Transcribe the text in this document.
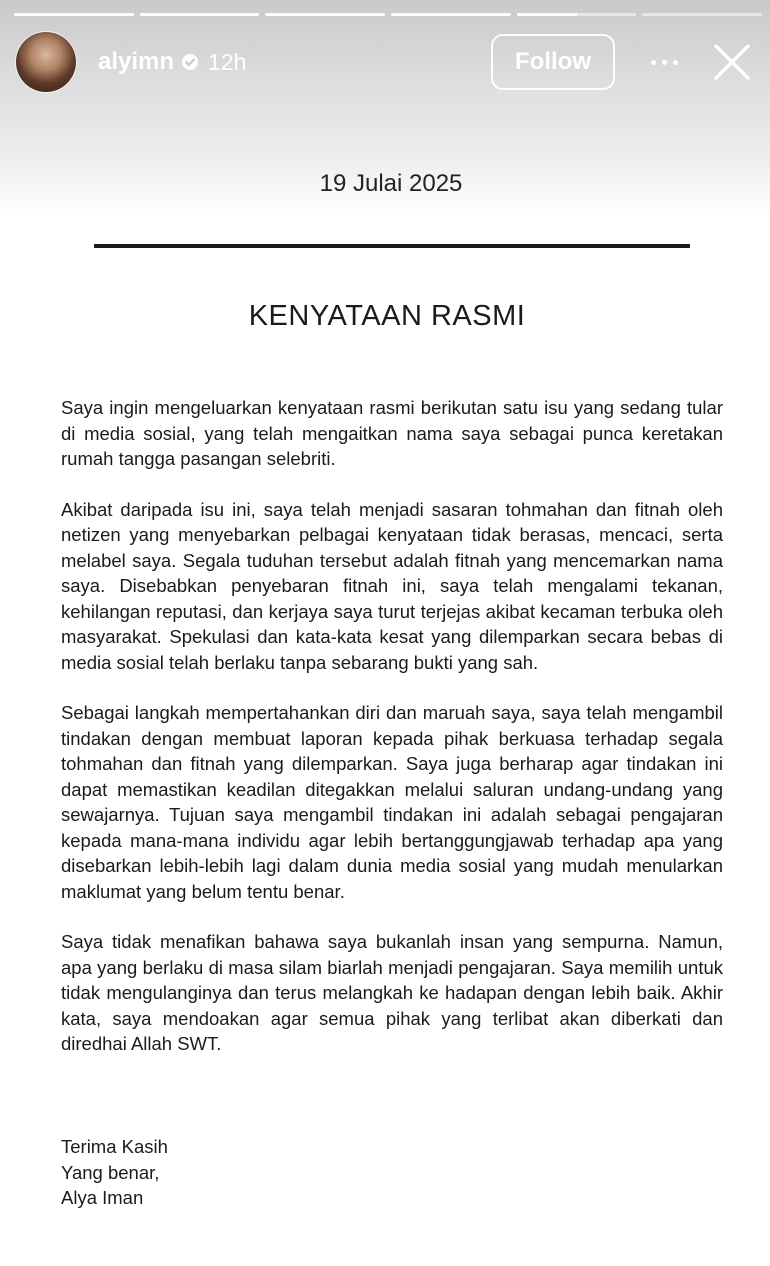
alyimn 12h	Follow
19 Julai 2025
KENYATAAN RASMI

Saya ingin mengeluarkan kenyataan rasmi berikutan satu isu yang sedang tular di media sosial, yang telah mengaitkan nama saya sebagai punca keretakan rumah tangga pasangan selebriti.

Akibat daripada isu ini, saya telah menjadi sasaran tohmahan dan fitnah oleh netizen yang menyebarkan pelbagai kenyataan tidak berasas, mencaci, serta melabel saya. Segala tuduhan tersebut adalah fitnah yang mencemarkan nama saya. Disebabkan penyebaran fitnah ini, saya telah mengalami tekanan, kehilangan reputasi, dan kerjaya saya turut terjejas akibat kecaman terbuka oleh masyarakat. Spekulasi dan kata-kata kesat yang dilemparkan secara bebas di media sosial telah berlaku tanpa sebarang bukti yang sah.

Sebagai langkah mempertahankan diri dan maruah saya, saya telah mengambil tindakan dengan membuat laporan kepada pihak berkuasa terhadap segala tohmahan dan fitnah yang dilemparkan. Saya juga berharap agar tindakan ini dapat memastikan keadilan ditegakkan melalui saluran undang-undang yang sewajarnya. Tujuan saya mengambil tindakan ini adalah sebagai pengajaran kepada mana-mana individu agar lebih bertanggungjawab terhadap apa yang disebarkan lebih-lebih lagi dalam dunia media sosial yang mudah menularkan maklumat yang belum tentu benar.

Saya tidak menafikan bahawa saya bukanlah insan yang sempurna. Namun, apa yang berlaku di masa silam biarlah menjadi pengajaran. Saya memilih untuk tidak mengulanginya dan terus melangkah ke hadapan dengan lebih baik. Akhir kata, saya mendoakan agar semua pihak yang terlibat akan diberkati dan diredhai Allah SWT.

Terima Kasih
Yang benar,
Alya Iman
